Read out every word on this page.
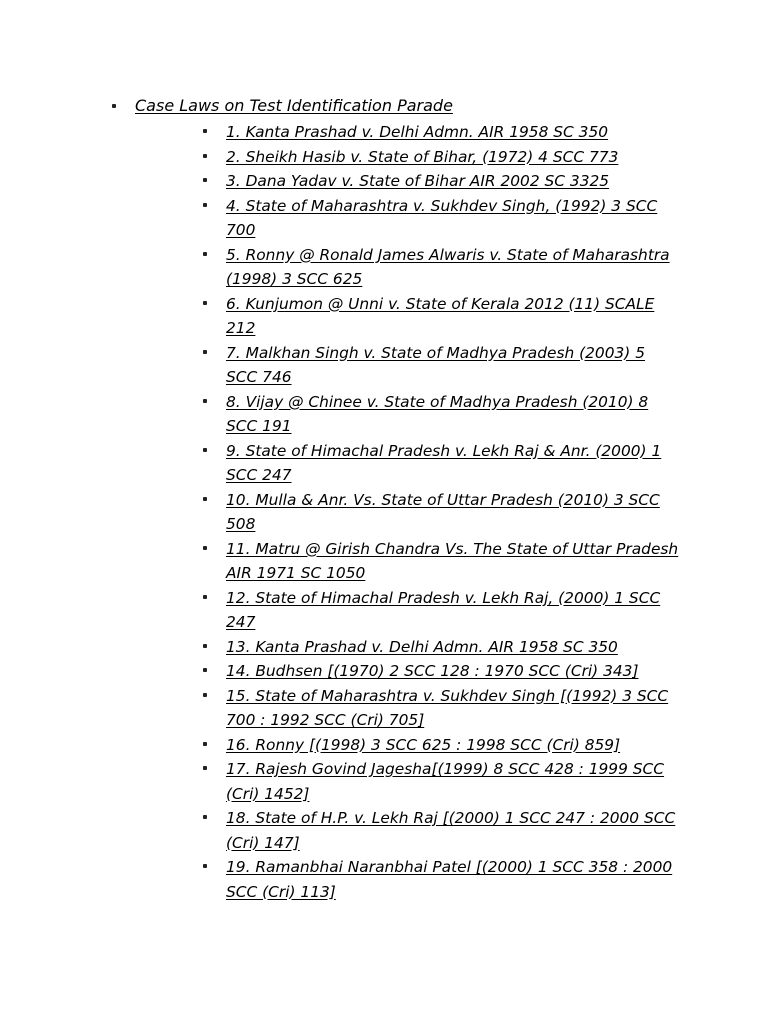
Case Laws on Test Identification Parade
1. Kanta Prashad v. Delhi Admn. AIR 1958 SC 350
2. Sheikh Hasib v. State of Bihar, (1972) 4 SCC 773
3. Dana Yadav v. State of Bihar AIR 2002 SC 3325
4. State of Maharashtra v. Sukhdev Singh, (1992) 3 SCC 700
5. Ronny @ Ronald James Alwaris v. State of Maharashtra (1998) 3 SCC 625
6. Kunjumon @ Unni v. State of Kerala 2012 (11) SCALE 212
7. Malkhan Singh v. State of Madhya Pradesh (2003) 5 SCC 746
8. Vijay @ Chinee v. State of Madhya Pradesh (2010) 8 SCC 191
9. State of Himachal Pradesh v. Lekh Raj & Anr. (2000) 1 SCC 247
10. Mulla & Anr. Vs. State of Uttar Pradesh (2010) 3 SCC 508
11. Matru @ Girish Chandra Vs. The State of Uttar Pradesh AIR 1971 SC 1050
12. State of Himachal Pradesh v. Lekh Raj, (2000) 1 SCC 247
13. Kanta Prashad v. Delhi Admn. AIR 1958 SC 350
14. Budhsen [(1970) 2 SCC 128 : 1970 SCC (Cri) 343]
15. State of Maharashtra v. Sukhdev Singh [(1992) 3 SCC 700 : 1992 SCC (Cri) 705]
16. Ronny [(1998) 3 SCC 625 : 1998 SCC (Cri) 859]
17. Rajesh Govind Jagesha[(1999) 8 SCC 428 : 1999 SCC (Cri) 1452]
18. State of H.P. v. Lekh Raj [(2000) 1 SCC 247 : 2000 SCC (Cri) 147]
19. Ramanbhai Naranbhai Patel [(2000) 1 SCC 358 : 2000 SCC (Cri) 113]
